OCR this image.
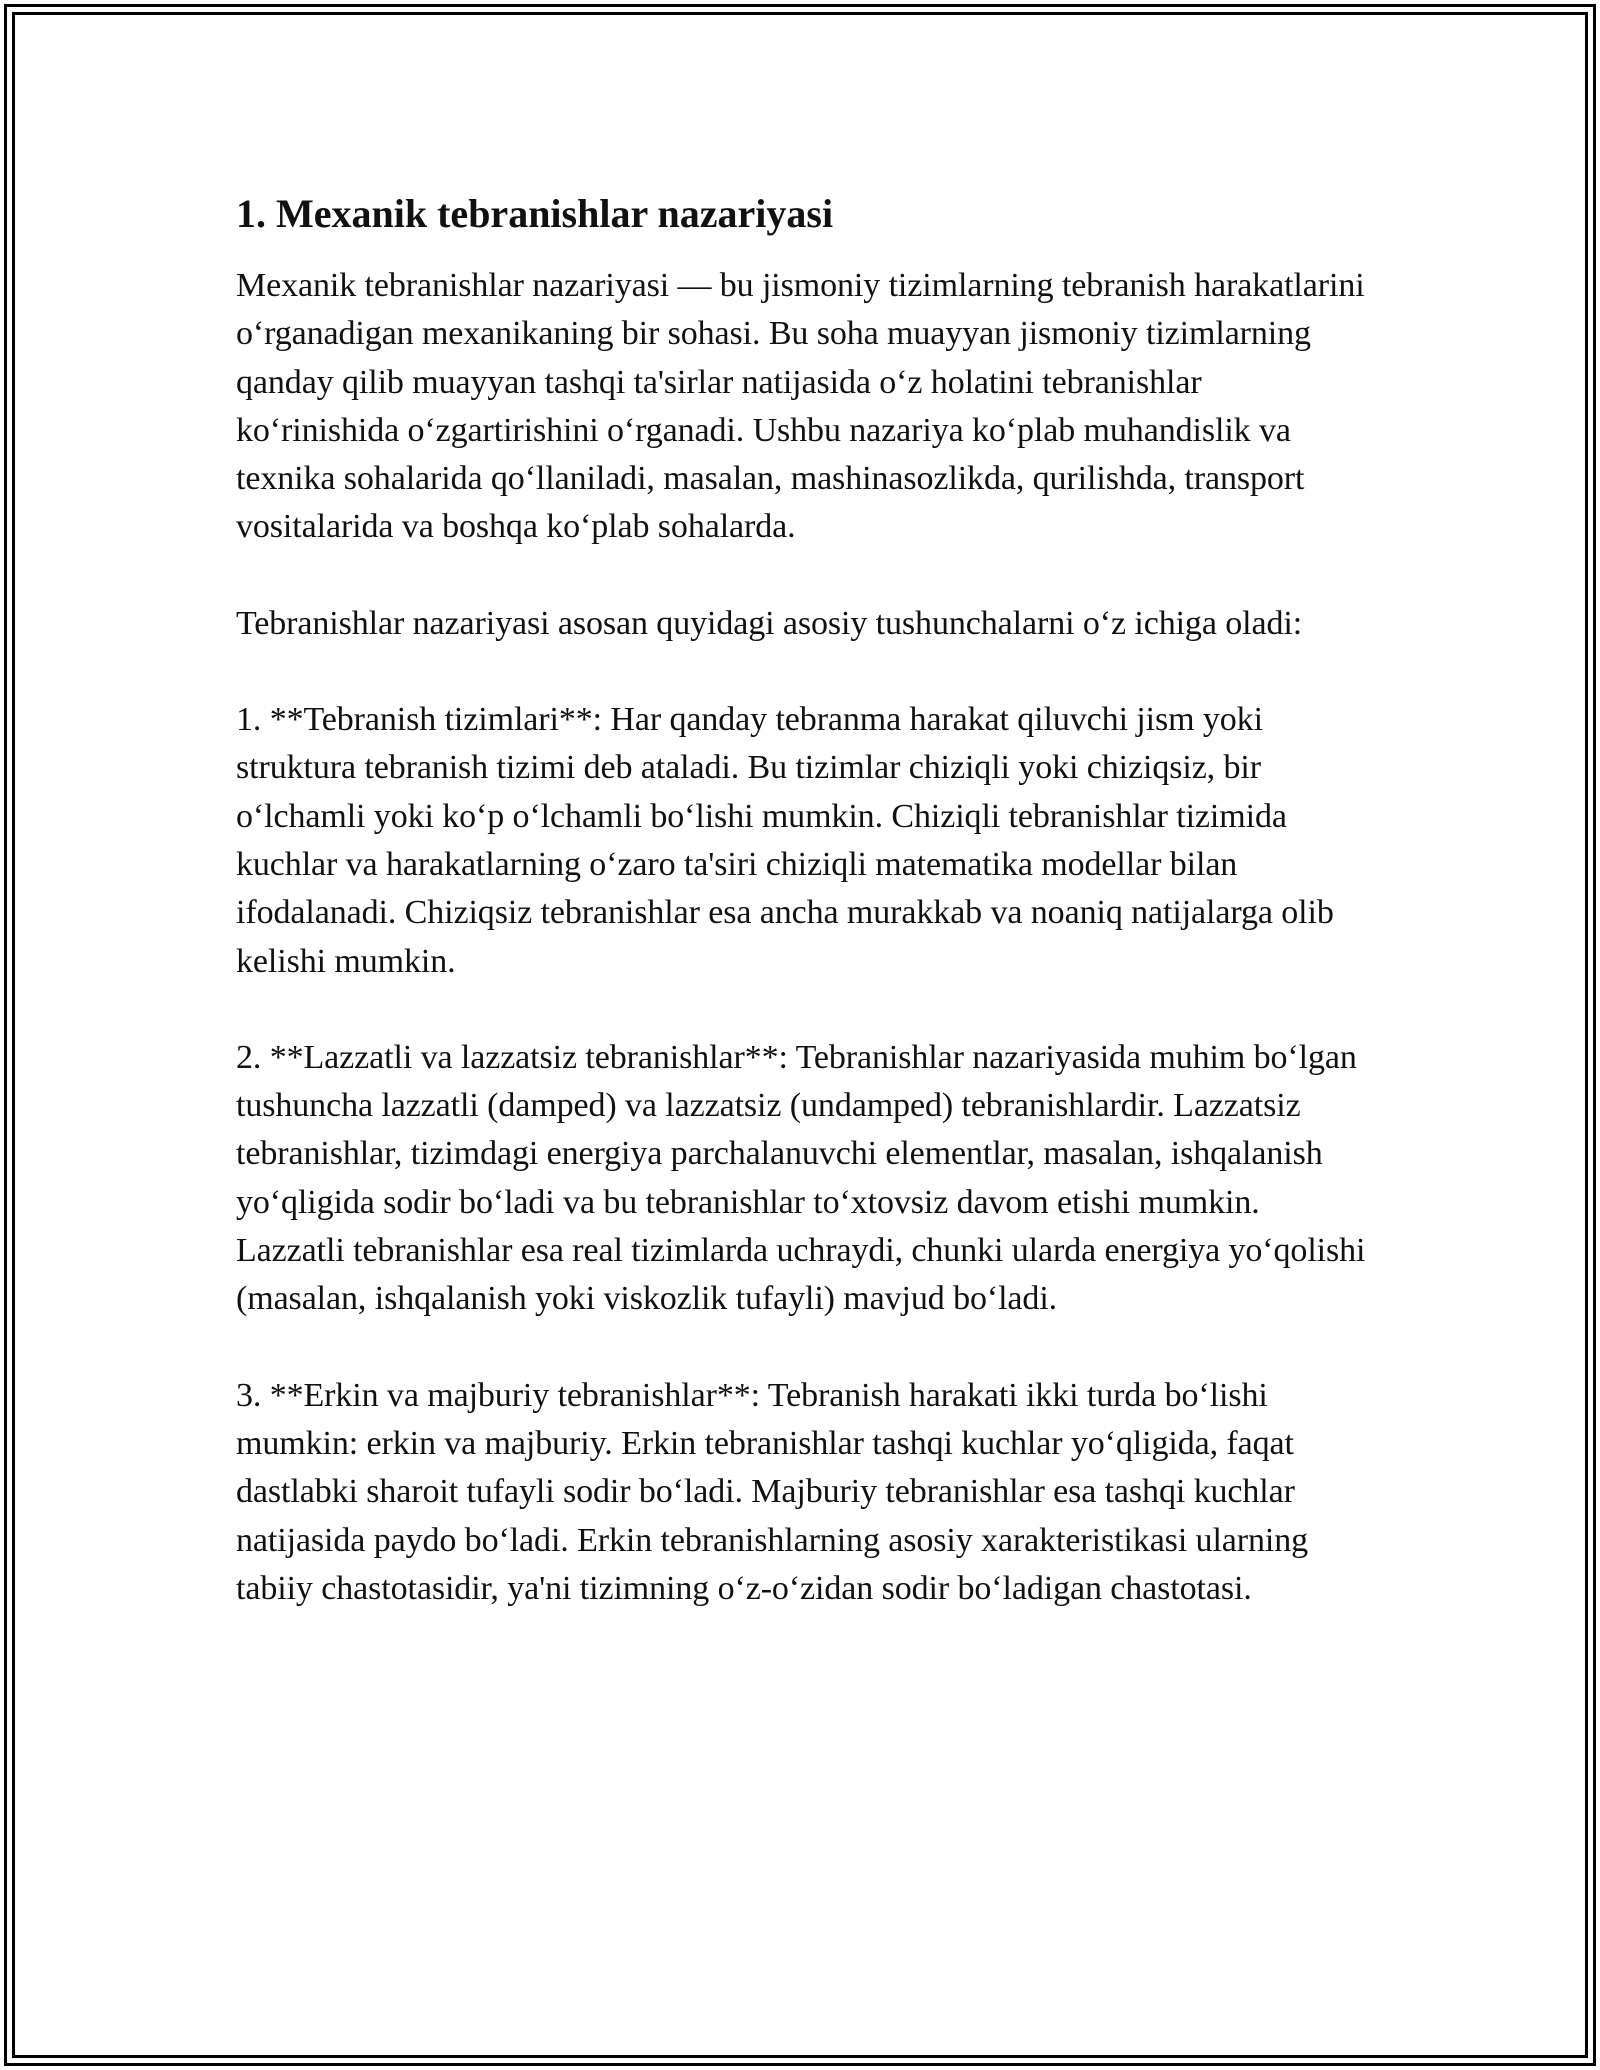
1. Mexanik tebranishlar nazariyasi

Mexanik tebranishlar nazariyasi — bu jismoniy tizimlarning tebranish harakatlarini o‘rganadigan mexanikaning bir sohasi. Bu soha muayyan jismoniy tizimlarning qanday qilib muayyan tashqi ta'sirlar natijasida o‘z holatini tebranishlar ko‘rinishida o‘zgartirishini o‘rganadi. Ushbu nazariya ko‘plab muhandislik va texnika sohalarida qo‘llaniladi, masalan, mashinasozlikda, qurilishda, transport vositalarida va boshqa ko‘plab sohalarda.

Tebranishlar nazariyasi asosan quyidagi asosiy tushunchalarni o‘z ichiga oladi:

1. **Tebranish tizimlari**: Har qanday tebranma harakat qiluvchi jism yoki struktura tebranish tizimi deb ataladi. Bu tizimlar chiziqli yoki chiziqsiz, bir o‘lchamli yoki ko‘p o‘lchamli bo‘lishi mumkin. Chiziqli tebranishlar tizimida kuchlar va harakatlarning o‘zaro ta'siri chiziqli matematika modellar bilan ifodalanadi. Chiziqsiz tebranishlar esa ancha murakkab va noaniq natijalarga olib kelishi mumkin.

2. **Lazzatli va lazzatsiz tebranishlar**: Tebranishlar nazariyasida muhim bo‘lgan tushuncha lazzatli (damped) va lazzatsiz (undamped) tebranishlardir. Lazzatsiz tebranishlar, tizimdagi energiya parchalanuvchi elementlar, masalan, ishqalanish yo‘qligida sodir bo‘ladi va bu tebranishlar to‘xtovsiz davom etishi mumkin. Lazzatli tebranishlar esa real tizimlarda uchraydi, chunki ularda energiya yo‘qolishi (masalan, ishqalanish yoki viskozlik tufayli) mavjud bo‘ladi.

3. **Erkin va majburiy tebranishlar**: Tebranish harakati ikki turda bo‘lishi mumkin: erkin va majburiy. Erkin tebranishlar tashqi kuchlar yo‘qligida, faqat dastlabki sharoit tufayli sodir bo‘ladi. Majburiy tebranishlar esa tashqi kuchlar natijasida paydo bo‘ladi. Erkin tebranishlarning asosiy xarakteristikasi ularning tabiiy chastotasidir, ya'ni tizimning o‘z-o‘zidan sodir bo‘ladigan chastotasi.
